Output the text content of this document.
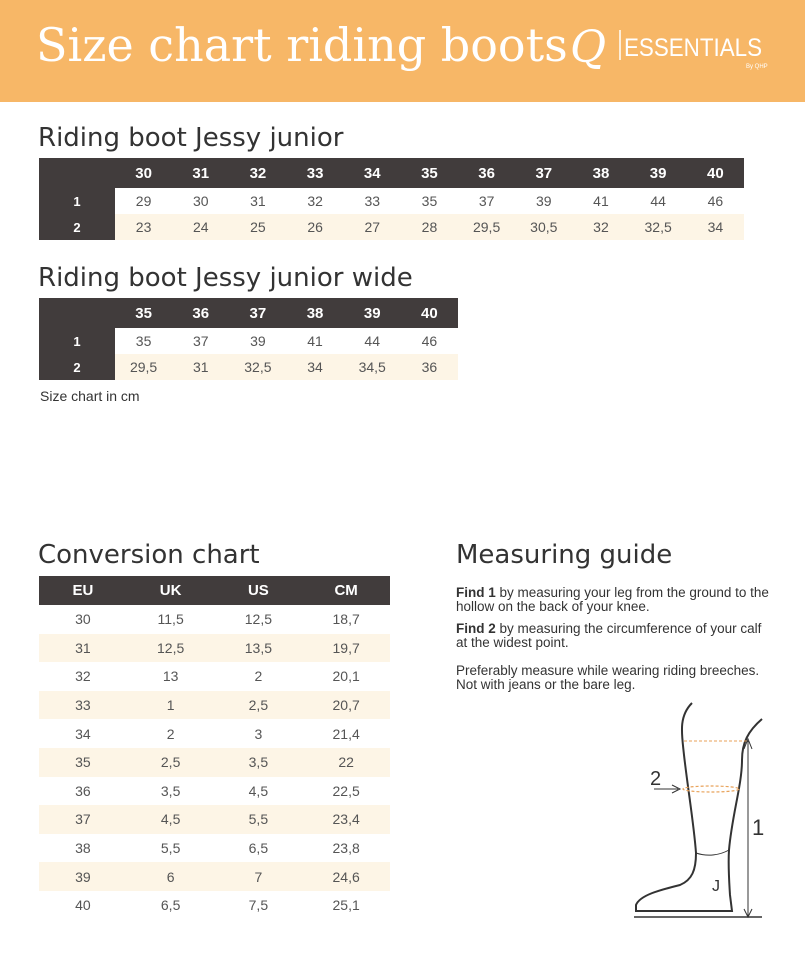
Size chart riding boots Q ESSENTIALS
By QHP
Riding boot Jessy junior
	30	31	32	33	34	35	36	37	38	39	40
1	29	30	31	32	33	35	37	39	41	44	46
2	23	24	25	26	27	28	29,5	30,5	32	32,5	34
Riding boot Jessy junior wide
	35	36	37	38	39	40
1	35	37	39	41	44	46
2	29,5	31	32,5	34	34,5	36
Size chart in cm
Conversion chart
EU	UK	US	CM
30	11,5	12,5	18,7
31	12,5	13,5	19,7
32	13	2	20,1
33	1	2,5	20,7
34	2	3	21,4
35	2,5	3,5	22
36	3,5	4,5	22,5
37	4,5	5,5	23,4
38	5,5	6,5	23,8
39	6	7	24,6
40	6,5	7,5	25,1
Measuring guide
Find 1 by measuring your leg from the ground to the hollow on the back of your knee.
Find 2 by measuring the circumference of your calf at the widest point.
Preferably measure while wearing riding breeches. Not with jeans or the bare leg.
J
1
2
